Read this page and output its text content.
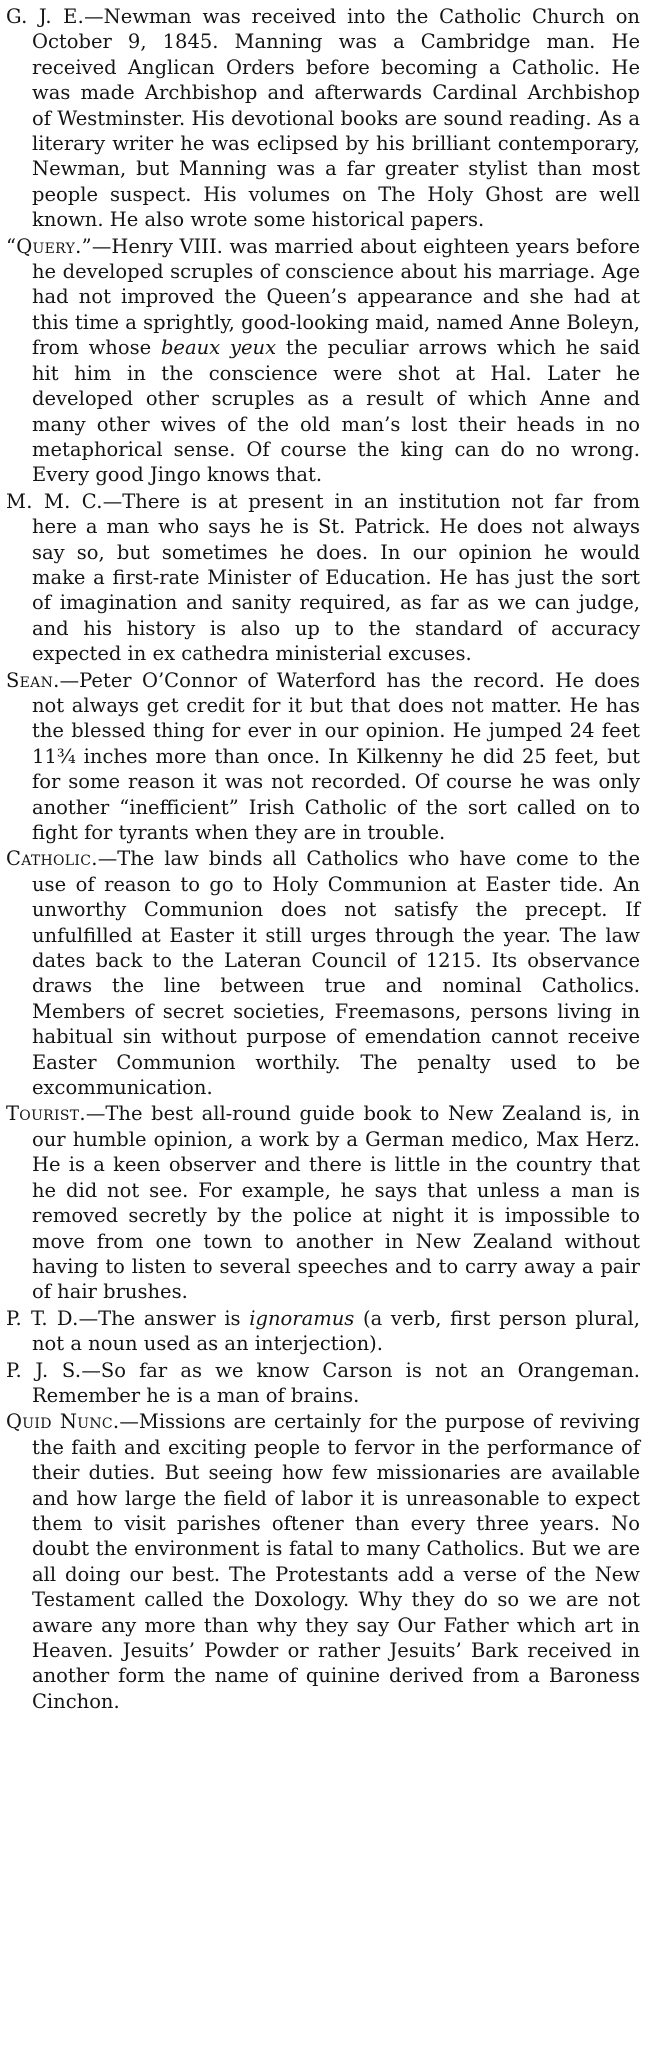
G. J. E.—Newman was received into the Catholic Church on October 9, 1845. Manning was a Cambridge man. He received Anglican Orders before becoming a Catholic. He was made Archbishop and afterwards Cardinal Archbishop of Westminster. His devotional books are sound reading. As a literary writer he was eclipsed by his brilliant contemporary, Newman, but Manning was a far greater stylist than most people suspect. His volumes on The Holy Ghost are well known. He also wrote some historical papers.

“Query.”—Henry VIII. was married about eighteen years before he developed scruples of conscience about his marriage. Age had not improved the Queen’s appearance and she had at this time a sprightly, good-looking maid, named Anne Boleyn, from whose beaux yeux the peculiar arrows which he said hit him in the conscience were shot at Hal. Later he developed other scruples as a result of which Anne and many other wives of the old man’s lost their heads in no metaphorical sense. Of course the king can do no wrong. Every good Jingo knows that.

M. M. C.—There is at present in an institution not far from here a man who says he is St. Patrick. He does not always say so, but sometimes he does. In our opinion he would make a first-rate Minister of Education. He has just the sort of imagination and sanity required, as far as we can judge, and his history is also up to the standard of accuracy expected in ex cathedra ministerial excuses.

Sean.—Peter O’Connor of Waterford has the record. He does not always get credit for it but that does not matter. He has the blessed thing for ever in our opinion. He jumped 24 feet 11¾ inches more than once. In Kilkenny he did 25 feet, but for some reason it was not recorded. Of course he was only another “inefficient” Irish Catholic of the sort called on to fight for tyrants when they are in trouble.

Catholic.—The law binds all Catholics who have come to the use of reason to go to Holy Communion at Easter tide. An unworthy Communion does not satisfy the precept. If unfulfilled at Easter it still urges through the year. The law dates back to the Lateran Council of 1215. Its observance draws the line between true and nominal Catholics. Members of secret societies, Freemasons, persons living in habitual sin without purpose of emendation cannot receive Easter Communion worthily. The penalty used to be excommunication.

Tourist.—The best all-round guide book to New Zealand is, in our humble opinion, a work by a German medico, Max Herz. He is a keen observer and there is little in the country that he did not see. For example, he says that unless a man is removed secretly by the police at night it is impossible to move from one town to another in New Zealand without having to listen to several speeches and to carry away a pair of hair brushes.

P. T. D.—The answer is ignoramus (a verb, first person plural, not a noun used as an interjection).

P. J. S.—So far as we know Carson is not an Orangeman. Remember he is a man of brains.

Quid Nunc.—Missions are certainly for the purpose of reviving the faith and exciting people to fervor in the performance of their duties. But seeing how few missionaries are available and how large the field of labor it is unreasonable to expect them to visit parishes oftener than every three years. No doubt the environment is fatal to many Catholics. But we are all doing our best. The Protestants add a verse of the New Testament called the Doxology. Why they do so we are not aware any more than why they say Our Father which art in Heaven. Jesuits’ Powder or rather Jesuits’ Bark received in another form the name of quinine derived from a Baroness Cinchon.
